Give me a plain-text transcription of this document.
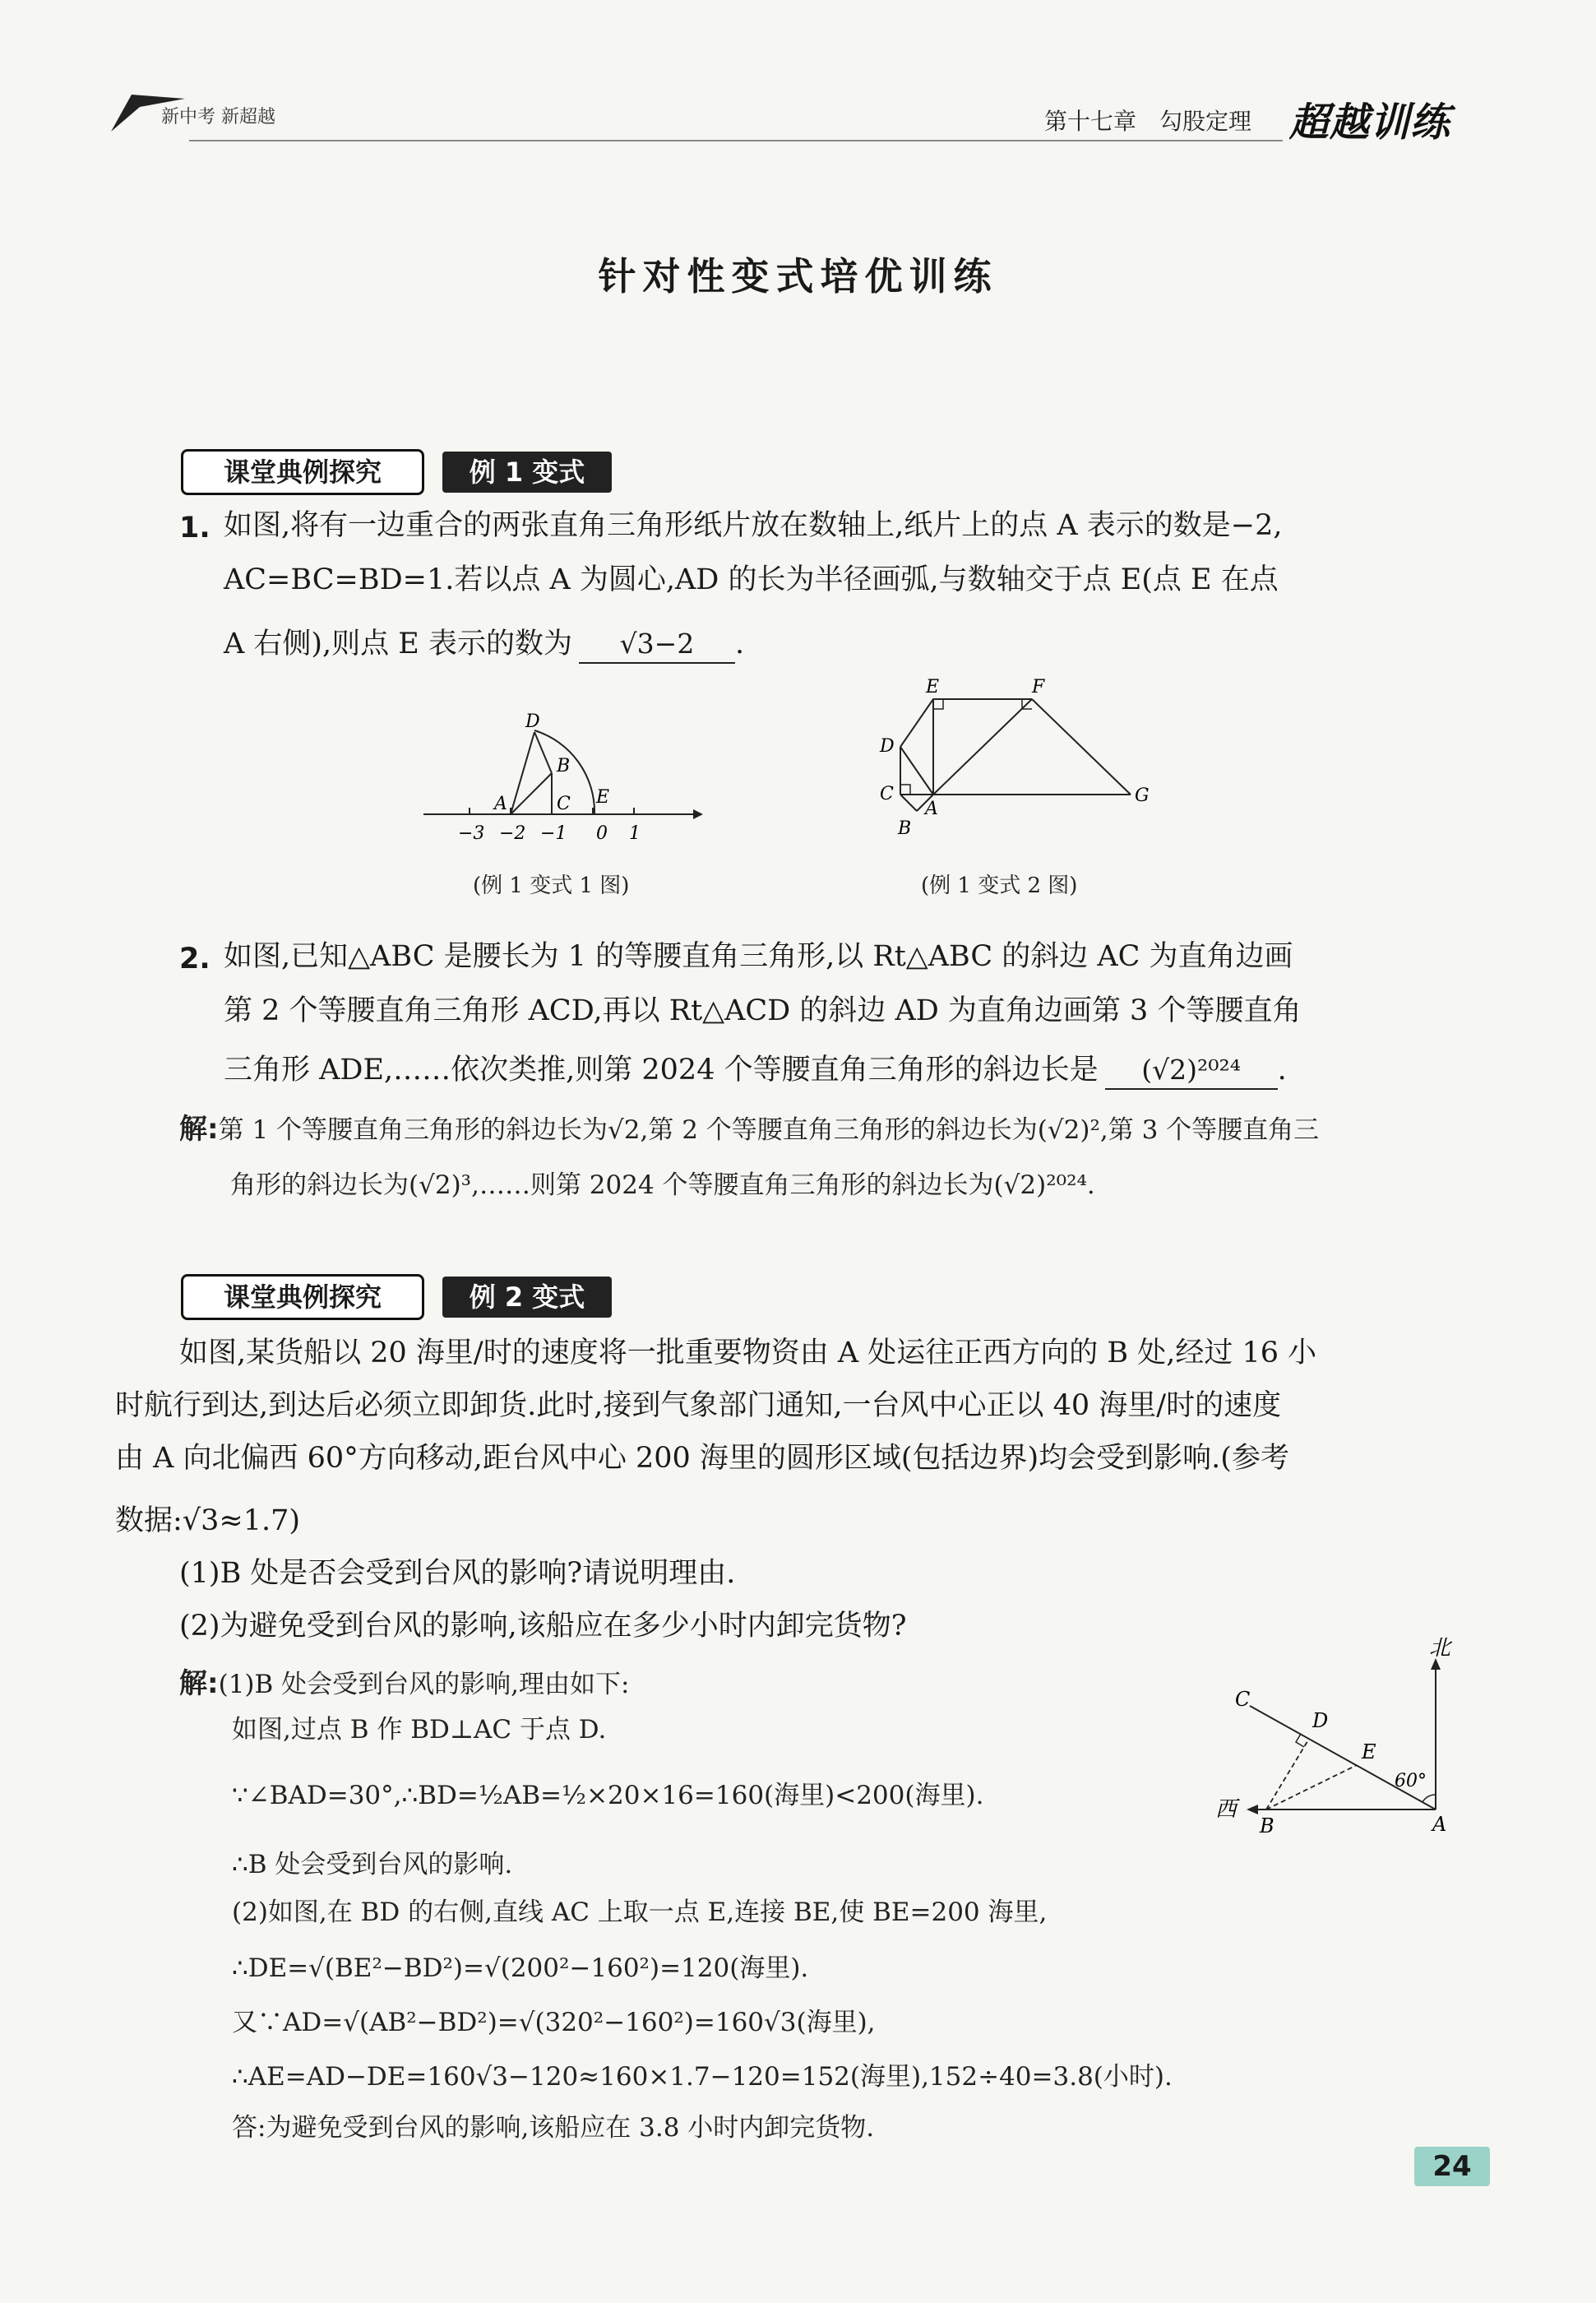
新中考 新超越	第十七章　勾股定理 超越训练
针对性变式培优训练
课堂典例探究	例 1 变式
1. 如图,将有一边重合的两张直角三角形纸片放在数轴上,纸片上的点 A 表示的数是−2,
AC=BC=BD=1.若以点 A 为圆心,AD 的长为半径画弧,与数轴交于点 E(点 E 在点
A 右侧),则点 E 表示的数为 √3−2 .
D
B
A	C E
−3 −2 −1 0 1
(例 1 变式 1 图)
E	F
D
C
A
B
G
(例 1 变式 2 图)
2. 如图,已知△ABC 是腰长为 1 的等腰直角三角形,以 Rt△ABC 的斜边 AC 为直角边画
第 2 个等腰直角三角形 ACD,再以 Rt△ACD 的斜边 AD 为直角边画第 3 个等腰直角
三角形 ADE,……依次类推,则第 2024 个等腰直角三角形的斜边长是 (√2)²⁰²⁴ .
解:第 1 个等腰直角三角形的斜边长为√2,第 2 个等腰直角三角形的斜边长为(√2)²,第 3 个等腰直角三
角形的斜边长为(√2)³,……则第 2024 个等腰直角三角形的斜边长为(√2)²⁰²⁴.
课堂典例探究	例 2 变式
如图,某货船以 20 海里/时的速度将一批重要物资由 A 处运往正西方向的 B 处,经过 16 小
时航行到达,到达后必须立即卸货.此时,接到气象部门通知,一台风中心正以 40 海里/时的速度
由 A 向北偏西 60°方向移动,距台风中心 200 海里的圆形区域(包括边界)均会受到影响.(参考
数据:√3≈1.7)
(1)B 处是否会受到台风的影响?请说明理由.
(2)为避免受到台风的影响,该船应在多少小时内卸完货物?
解:(1)B 处会受到台风的影响,理由如下:
如图,过点 B 作 BD⊥AC 于点 D.
∵∠BAD=30°,∴BD=½AB=½×20×16=160(海里)<200(海里).
∴B 处会受到台风的影响.
(2)如图,在 BD 的右侧,直线 AC 上取一点 E,连接 BE,使 BE=200 海里,
∴DE=√(BE²−BD²)=√(200²−160²)=120(海里).
又∵AD=√(AB²−BD²)=√(320²−160²)=160√3(海里),
∴AE=AD−DE=160√3−120≈160×1.7−120=152(海里),152÷40=3.8(小时).
答:为避免受到台风的影响,该船应在 3.8 小时内卸完货物.
北
西
C
D
E
60°
A
B
24
